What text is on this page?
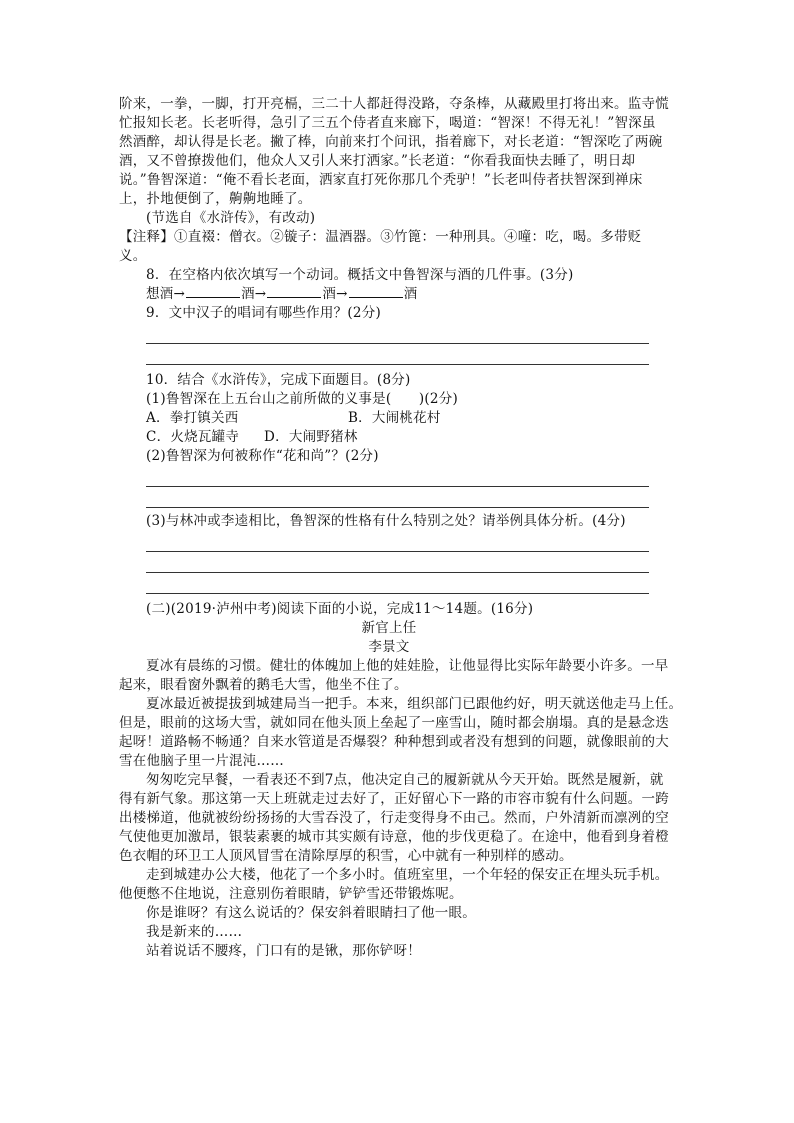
阶来，一拳，一脚，打开亮槅，三二十人都赶得没路，夺条棒，从藏殿里打将出来。监寺慌
忙报知长老。长老听得，急引了三五个侍者直来廊下，喝道：“智深！不得无礼！”智深虽
然酒醉，却认得是长老。撇了棒，向前来打个问讯，指着廊下，对长老道：“智深吃了两碗
酒，又不曾撩拨他们，他众人又引人来打洒家。”长老道：“你看我面快去睡了，明日却
说。”鲁智深道：“俺不看长老面，洒家直打死你那几个秃驴！”长老叫侍者扶智深到禅床
上，扑地便倒了，齁齁地睡了。
(节选自《水浒传》，有改动)
【注释】①直裰：僧衣。②镟子：温酒器。③竹篦：一种刑具。④噇：吃，喝。多带贬
义。
8．在空格内依次填写一个动词。概括文中鲁智深与酒的几件事。(3分)
想酒→	酒→	酒→	酒
9．文中汉子的唱词有哪些作用？(2分)
10．结合《水浒传》，完成下面题目。(8分)
(1)鲁智深在上五台山之前所做的义事是(　　)(2分)
A．拳打镇关西	B．大闹桃花村
C．火烧瓦罐寺 D．大闹野猪林
(2)鲁智深为何被称作“花和尚”？(2分)
(3)与林冲或李逵相比，鲁智深的性格有什么特别之处？请举例具体分析。(4分)
(二)(2019·泸州中考)阅读下面的小说，完成11～14题。(16分)
新官上任
李景文
夏冰有晨练的习惯。健壮的体魄加上他的娃娃脸，让他显得比实际年龄要小许多。一早
起来，眼看窗外飘着的鹅毛大雪，他坐不住了。
夏冰最近被提拔到城建局当一把手。本来，组织部门已跟他约好，明天就送他走马上任。
但是，眼前的这场大雪，就如同在他头顶上垒起了一座雪山，随时都会崩塌。真的是悬念迭
起呀！道路畅不畅通？自来水管道是否爆裂？种种想到或者没有想到的问题，就像眼前的大
雪在他脑子里一片混沌……
匆匆吃完早餐，一看表还不到7点，他决定自己的履新就从今天开始。既然是履新，就
得有新气象。那这第一天上班就走过去好了，正好留心下一路的市容市貌有什么问题。一跨
出楼梯道，他就被纷纷扬扬的大雪吞没了，行走变得身不由己。然而，户外清新而凛冽的空
气使他更加激昂，银装素裹的城市其实颇有诗意，他的步伐更稳了。在途中，他看到身着橙
色衣帽的环卫工人顶风冒雪在清除厚厚的积雪，心中就有一种别样的感动。
走到城建办公大楼，他花了一个多小时。值班室里，一个年轻的保安正在埋头玩手机。
他便憋不住地说，注意别伤着眼睛，铲铲雪还带锻炼呢。
你是谁呀？有这么说话的？保安斜着眼睛扫了他一眼。
我是新来的……
站着说话不腰疼，门口有的是锹，那你铲呀！
